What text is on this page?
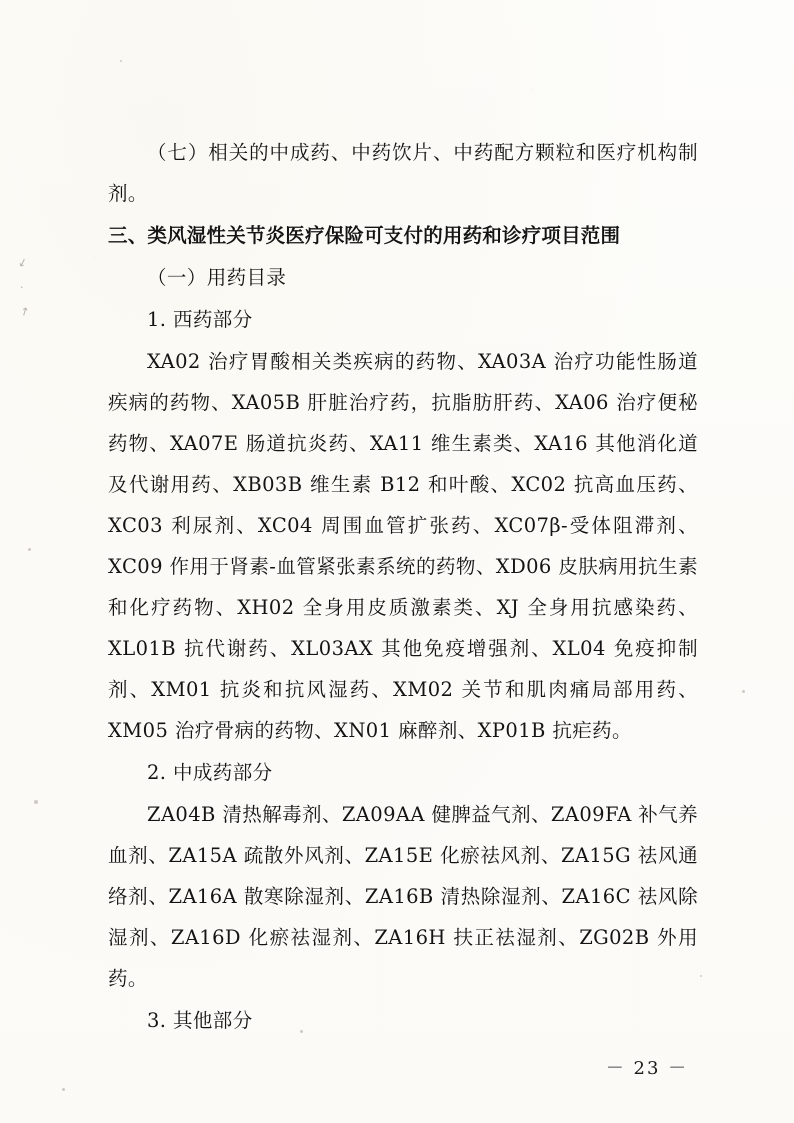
↙
·
↗

（七）相关的中成药、中药饮片、中药配方颗粒和医疗机构制剂。

三、类风湿性关节炎医疗保险可支付的用药和诊疗项目范围

（一）用药目录

1. 西药部分

XA02 治疗胃酸相关类疾病的药物、XA03A 治疗功能性肠道疾病的药物、XA05B 肝脏治疗药，抗脂肪肝药、XA06 治疗便秘药物、XA07E 肠道抗炎药、XA11 维生素类、XA16 其他消化道及代谢用药、XB03B 维生素 B12 和叶酸、XC02 抗高血压药、XC03 利尿剂、XC04 周围血管扩张药、XC07β-受体阻滞剂、XC09 作用于肾素-血管紧张素系统的药物、XD06 皮肤病用抗生素和化疗药物、XH02 全身用皮质激素类、XJ 全身用抗感染药、XL01B 抗代谢药、XL03AX 其他免疫增强剂、XL04 免疫抑制剂、XM01 抗炎和抗风湿药、XM02 关节和肌肉痛局部用药、XM05 治疗骨病的药物、XN01 麻醉剂、XP01B 抗疟药。

2. 中成药部分

ZA04B 清热解毒剂、ZA09AA 健脾益气剂、ZA09FA 补气养血剂、ZA15A 疏散外风剂、ZA15E 化瘀祛风剂、ZA15G 祛风通络剂、ZA16A 散寒除湿剂、ZA16B 清热除湿剂、ZA16C 祛风除湿剂、ZA16D 化瘀祛湿剂、ZA16H 扶正祛湿剂、ZG02B 外用药。

3. 其他部分

－ 23 －
